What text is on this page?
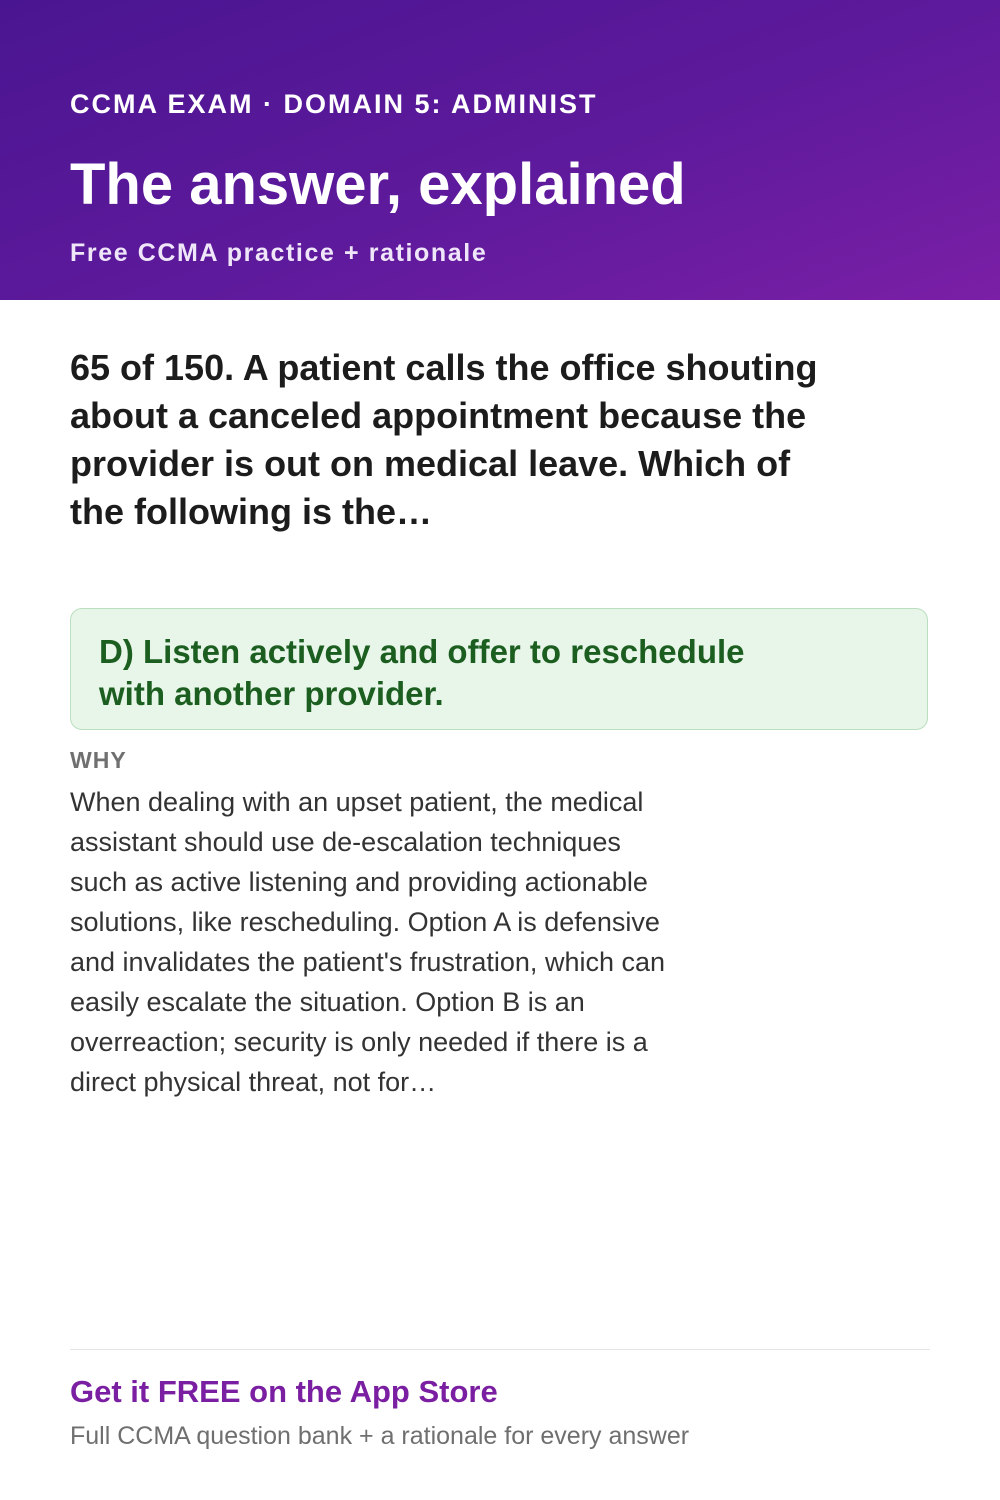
CCMA EXAM · DOMAIN 5: ADMINIST
The answer, explained
Free CCMA practice + rationale
65 of 150. A patient calls the office shouting about a canceled appointment because the provider is out on medical leave. Which of the following is the…
D) Listen actively and offer to reschedule with another provider.
WHY
When dealing with an upset patient, the medical assistant should use de-escalation techniques such as active listening and providing actionable solutions, like rescheduling. Option A is defensive and invalidates the patient's frustration, which can easily escalate the situation. Option B is an overreaction; security is only needed if there is a direct physical threat, not for…
Get it FREE on the App Store
Full CCMA question bank + a rationale for every answer
